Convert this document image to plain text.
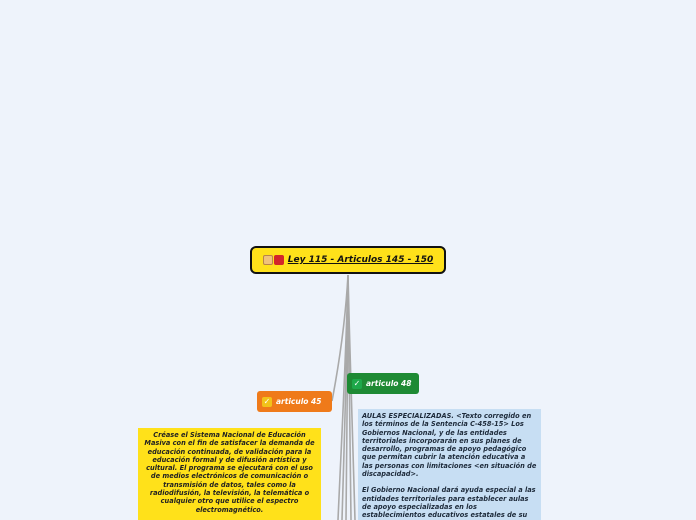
Ley 115 - Articulos 145 - 150
✓ articulo 45
✓ articulo 48
Créase el Sistema Nacional de Educación Masiva con el fin de satisfacer la demanda de educación continuada, de validación para la educación formal y de difusión artística y cultural. El programa se ejecutará con el uso de medios electrónicos de comunicación o transmisión de datos, tales como la radiodifusión, la televisión, la telemática o cualquier otro que utilice el espectro electromagnético.

AULAS ESPECIALIZADAS. <Texto corregido en los términos de la Sentencia C-458-15> Los Gobiernos Nacional, y de las entidades territoriales incorporarán en sus planes de desarrollo, programas de apoyo pedagógico que permitan cubrir la atención educativa a las personas con limitaciones <en situación de discapacidad>.

El Gobierno Nacional dará ayuda especial a las entidades territoriales para establecer aulas de apoyo especializadas en los establecimientos educativos estatales de su
